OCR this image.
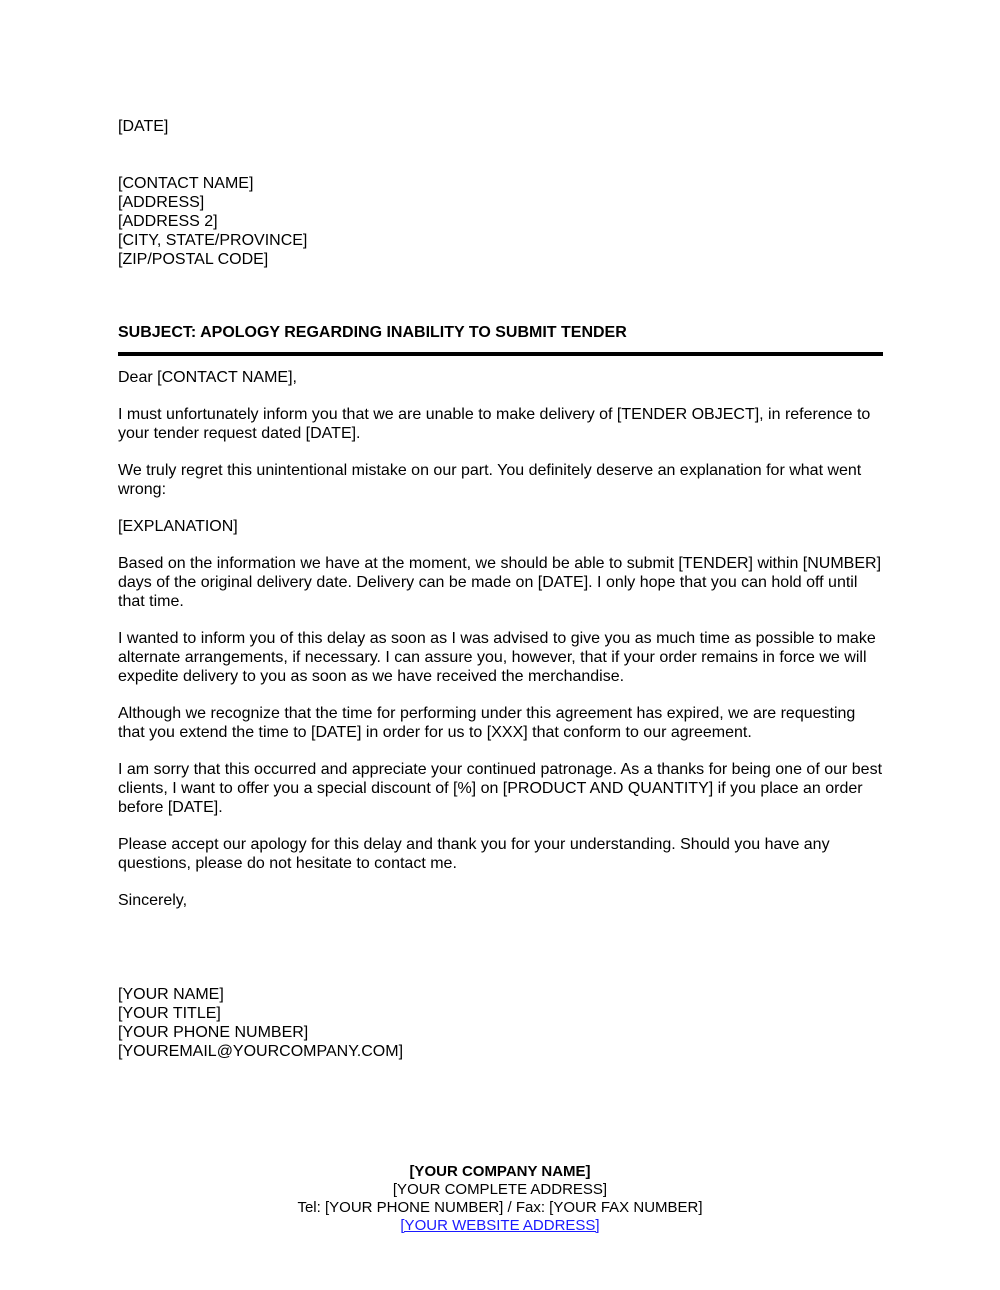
[DATE]
[CONTACT NAME]
[ADDRESS]
[ADDRESS 2]
[CITY, STATE/PROVINCE]
[ZIP/POSTAL CODE]
SUBJECT: APOLOGY REGARDING INABILITY TO SUBMIT TENDER
Dear [CONTACT NAME],

I must unfortunately inform you that we are unable to make delivery of [TENDER OBJECT], in reference to your tender request dated [DATE].

We truly regret this unintentional mistake on our part. You definitely deserve an explanation for what went wrong:

[EXPLANATION]

Based on the information we have at the moment, we should be able to submit [TENDER] within [NUMBER] days of the original delivery date. Delivery can be made on [DATE]. I only hope that you can hold off until that time.

I wanted to inform you of this delay as soon as I was advised to give you as much time as possible to make alternate arrangements, if necessary. I can assure you, however, that if your order remains in force we will expedite delivery to you as soon as we have received the merchandise.

Although we recognize that the time for performing under this agreement has expired, we are requesting that you extend the time to [DATE] in order for us to [XXX] that conform to our agreement.

I am sorry that this occurred and appreciate your continued patronage. As a thanks for being one of our best clients, I want to offer you a special discount of [%] on [PRODUCT AND QUANTITY] if you place an order before [DATE].

Please accept our apology for this delay and thank you for your understanding. Should you have any questions, please do not hesitate to contact me.

Sincerely,
[YOUR NAME]
[YOUR TITLE]
[YOUR PHONE NUMBER]
[YOUREMAIL@YOURCOMPANY.COM]
[YOUR COMPANY NAME]
[YOUR COMPLETE ADDRESS]
Tel: [YOUR PHONE NUMBER] / Fax: [YOUR FAX NUMBER]
[YOUR WEBSITE ADDRESS]
